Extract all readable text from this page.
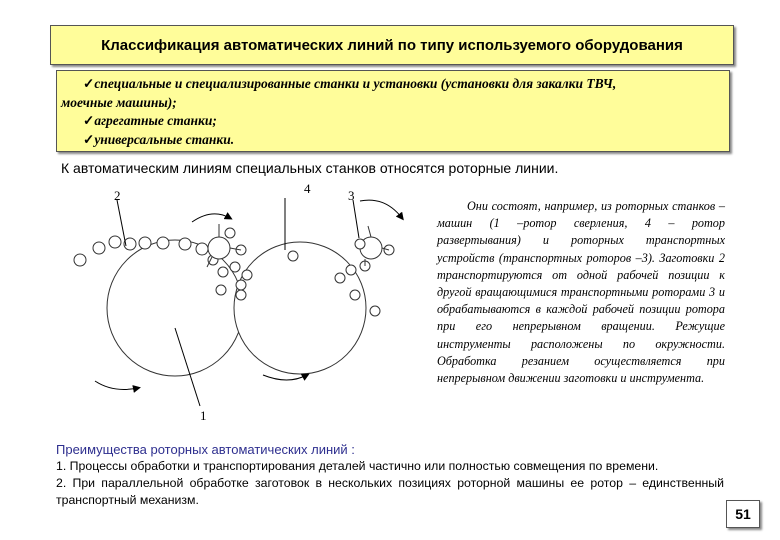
Классификация автоматических линий по типу используемого оборудования

✓специальные и специализированные станки и установки (установки для закалки ТВЧ,

моечные машины);

✓агрегатные станки;

✓универсальные станки.

К автоматическим линиям специальных станков относятся роторные линии.
2	4	3
1
Они состоят, например, из роторных станков – машин (1 –ротор сверления, 4 – ротор развертывания) и роторных транспортных устройств (транспортных роторов –3). Заготовки 2 транспортируются от одной рабочей позиции к другой вращающимися транспортными роторами 3 и обрабатываются в каждой рабочей позиции ротора при его непрерывном вращении. Режущие инструменты расположены по окружности. Обработка резанием осуществляется при непрерывном движении заготовки и инструмента.

Преимущества роторных автоматических линий :

1. Процессы обработки и транспортирования деталей частично или полностью совмещения по времени.

2. При параллельной обработке заготовок в нескольких позициях роторной машины ее ротор – единственный транспортный механизм.

51
